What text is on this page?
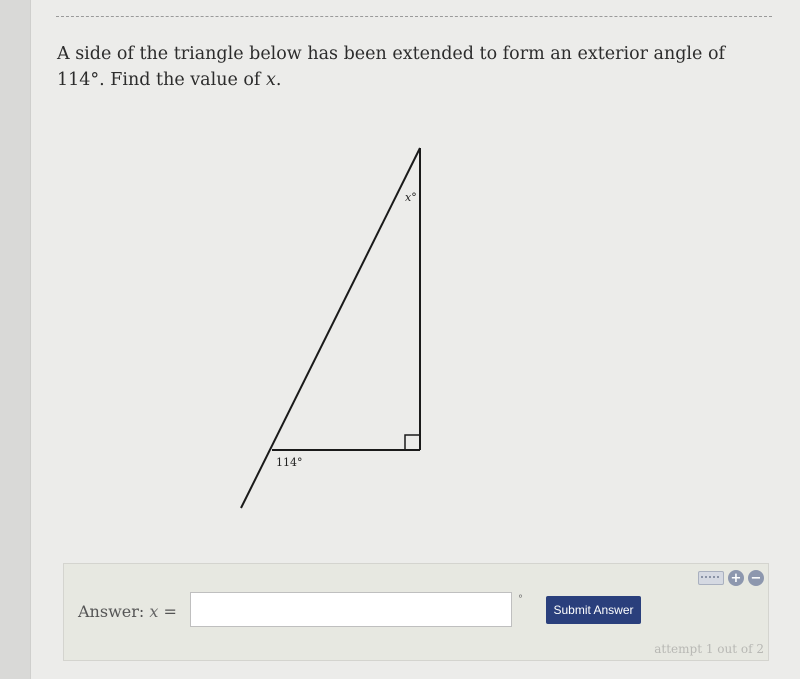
A side of the triangle below has been extended to form an exterior angle of 114°. Find the value of x.

x°
114°
+ −
Answer: x =
°
Submit Answer
attempt 1 out of 2
